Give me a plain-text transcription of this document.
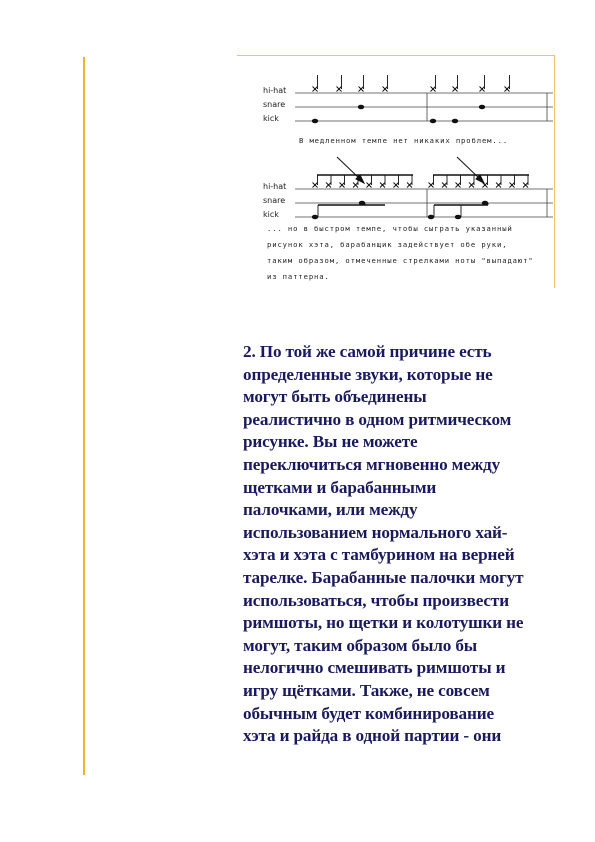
hi-hat
snare
kick
В медленном темпе нет никаких проблем...
hi-hat
snare
kick
... но в быстром темпе, чтобы сыграть указанный
рисунок хэта, барабанщик задействует обе руки,
таким образом, отмеченные стрелками ноты "выпадают"
из паттерна.
2. По той же самой причине есть
определенные звуки, которые не
могут быть объединены
реалистично в одном ритмическом
рисунке. Вы не можете
переключиться мгновенно между
щетками и барабанными
палочками, или между
использованием нормального хай-
хэта и хэта с тамбурином на верней
тарелке. Барабанные палочки могут
использоваться, чтобы произвести
римшоты, но щетки и колотушки не
могут, таким образом было бы
нелогично смешивать римшоты и
игру щётками. Также, не совсем
обычным будет комбинирование
хэта и райда в одной партии - они
